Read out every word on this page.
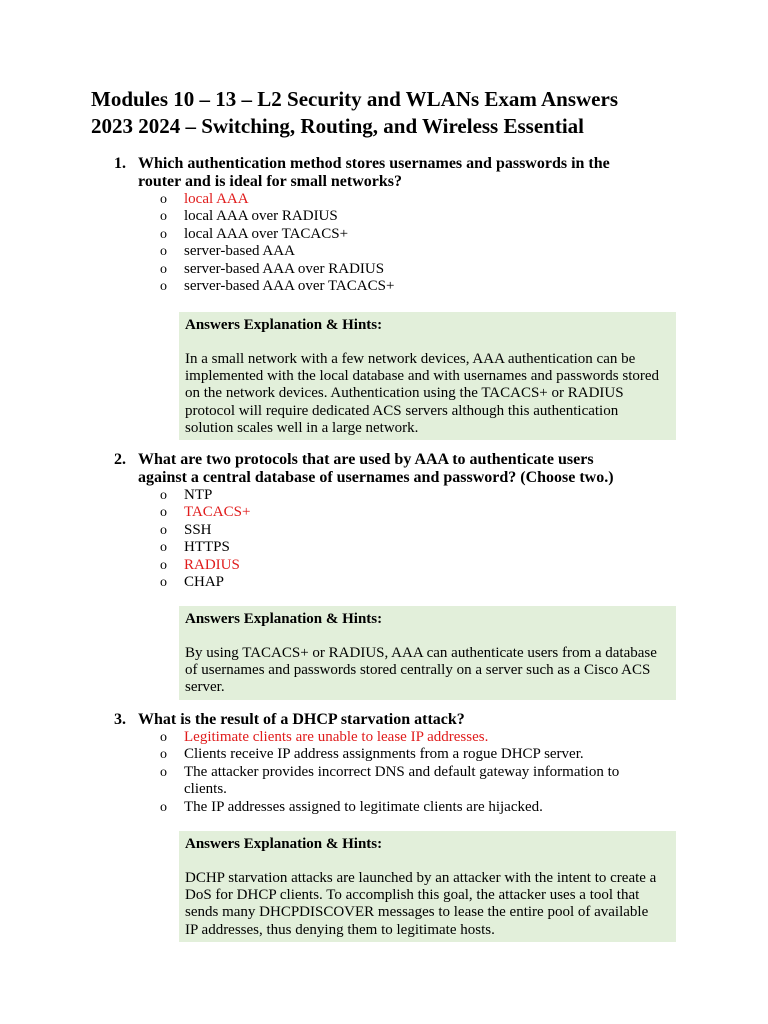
Modules 10 – 13 – L2 Security and WLANs Exam Answers
2023 2024 – Switching, Routing, and Wireless Essential
1. Which authentication method stores usernames and passwords in the
router and is ideal for small networks?
o local AAA
o local AAA over RADIUS
o local AAA over TACACS+
o server-based AAA
o server-based AAA over RADIUS
o server-based AAA over TACACS+
Answers Explanation & Hints:
In a small network with a few network devices, AAA authentication can be
implemented with the local database and with usernames and passwords stored
on the network devices. Authentication using the TACACS+ or RADIUS
protocol will require dedicated ACS servers although this authentication
solution scales well in a large network.
2. What are two protocols that are used by AAA to authenticate users
against a central database of usernames and password? (Choose two.)
o NTP
o TACACS+
o SSH
o HTTPS
o RADIUS
o CHAP
Answers Explanation & Hints:
By using TACACS+ or RADIUS, AAA can authenticate users from a database
of usernames and passwords stored centrally on a server such as a Cisco ACS
server.
3. What is the result of a DHCP starvation attack?
o Legitimate clients are unable to lease IP addresses.
o Clients receive IP address assignments from a rogue DHCP server.
o The attacker provides incorrect DNS and default gateway information to
clients.
o The IP addresses assigned to legitimate clients are hijacked.
Answers Explanation & Hints:
DCHP starvation attacks are launched by an attacker with the intent to create a
DoS for DHCP clients. To accomplish this goal, the attacker uses a tool that
sends many DHCPDISCOVER messages to lease the entire pool of available
IP addresses, thus denying them to legitimate hosts.
